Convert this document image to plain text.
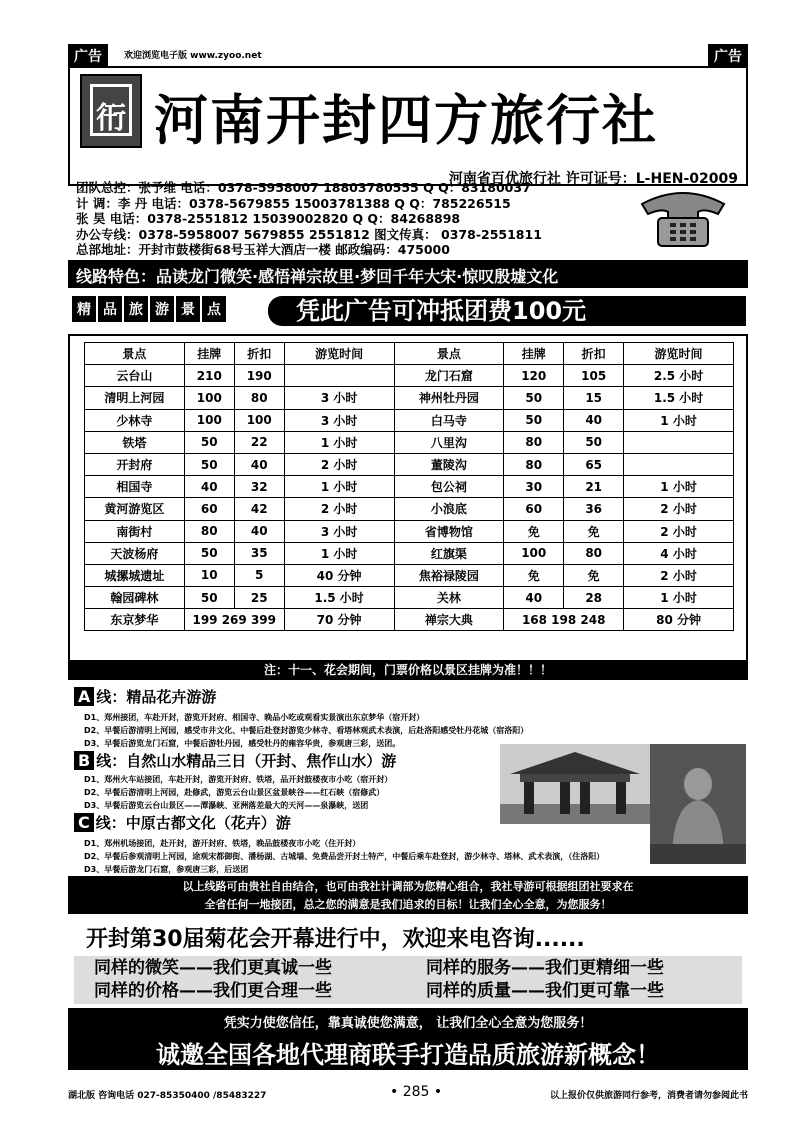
广告	欢迎浏览电子版 www.zyoo.net	广告
衎 河南开封四方旅行社
河南省百优旅行社 许可证号：L-HEN-02009
团队总控：张予维 电话：0378-5958007 18803780555 Q Q：83180037
计 调：李 丹 电话：0378-5679855 15003781388 Q Q：785226515
张 昊 电话：0378-2551812 15039002820 Q Q：84268898
办公专线：0378-5958007 5679855 2551812 图文传真： 0378-2551811
总部地址：开封市鼓楼街68号玉祥大酒店一楼 邮政编码：475000
线路特色：品读龙门微笑·感悟禅宗故里·梦回千年大宋·惊叹殷墟文化
精 品 旅 游 景 点	凭此广告可冲抵团费100元
景点	挂牌	折扣	游览时间	景点	挂牌	折扣	游览时间
云台山	210	190		龙门石窟	120	105	2.5 小时
清明上河园	100	80	3 小时	神州牡丹园	50	15	1.5 小时
少林寺	100	100	3 小时	白马寺	50	40	1 小时
铁塔	50	22	1 小时	八里沟	80	50	
开封府	50	40	2 小时	董陵沟	80	65	
相国寺	40	32	1 小时	包公祠	30	21	1 小时
黄河游览区	60	42	2 小时	小浪底	60	36	2 小时
南街村	80	40	3 小时	省博物馆	免	免	2 小时
天波杨府	50	35	1 小时	红旗渠	100	80	4 小时
城摞城遗址	10	5	40 分钟	焦裕禄陵园	免	免	2 小时
翰园碑林	50	25	1.5 小时	关林	40	28	1 小时
东京梦华	199 269 399		70 分钟	禅宗大典	168 198 248		80 分钟
注：十一、花会期间，门票价格以景区挂牌为准！！！
A 线：精品花卉游游
D1、郑州接团，车赴开封，游览开封府、相国寺、晚品小吃或观看实景演出东京梦华（宿开封）
D2、早餐后游清明上河园，感受市井文化、中餐后赴登封游览少林寺、看塔林观武术表演，后赴洛阳感受牡丹花城（宿洛阳）
D3、早餐后游览龙门石窟，中餐后游牡丹园，感受牡丹的雍容华贵，参观唐三彩，送团。
B 线：自然山水精品三日（开封、焦作山水）游
D1、郑州火车站接团，车赴开封，游览开封府、铁塔，品开封鼓楼夜市小吃（宿开封）
D2、早餐后游清明上河园，赴修武，游览云台山景区盆景峡谷——红石峡（宿修武）
D3、早餐后游览云台山景区——潭瀑峡、亚洲落差最大的天河——泉瀑峡，送团
C 线：中原古都文化（花卉）游
D1、郑州机场接团，赴开封，游开封府、铁塔，晚品鼓楼夜市小吃（住开封）
D2、早餐后参观清明上河园，途观宋都御街、潘杨湖、古城墙、免费品尝开封土特产，中餐后乘车赴登封，游少林寺、塔林、武术表演，（住洛阳）
D3、早餐后游龙门石窟，参观唐三彩，后送团
以上线路可由贵社自由结合，也可由我社计调部为您精心组合，我社导游可根据组团社要求在
全省任何一地接团，总之您的满意是我们追求的目标！让我们全心全意，为您服务！
开封第30届菊花会开幕进行中，欢迎来电咨询......
同样的微笑——我们更真诚一些	同样的服务——我们更精细一些
同样的价格——我们更合理一些	同样的质量——我们更可靠一些
凭实力使您信任，靠真诚使您满意， 让我们全心全意为您服务！
诚邀全国各地代理商联手打造品质旅游新概念！
湖北版 咨询电话 027-85350400 /85483227	• 285 •	以上报价仅供旅游同行参考，消费者请勿参阅此书
